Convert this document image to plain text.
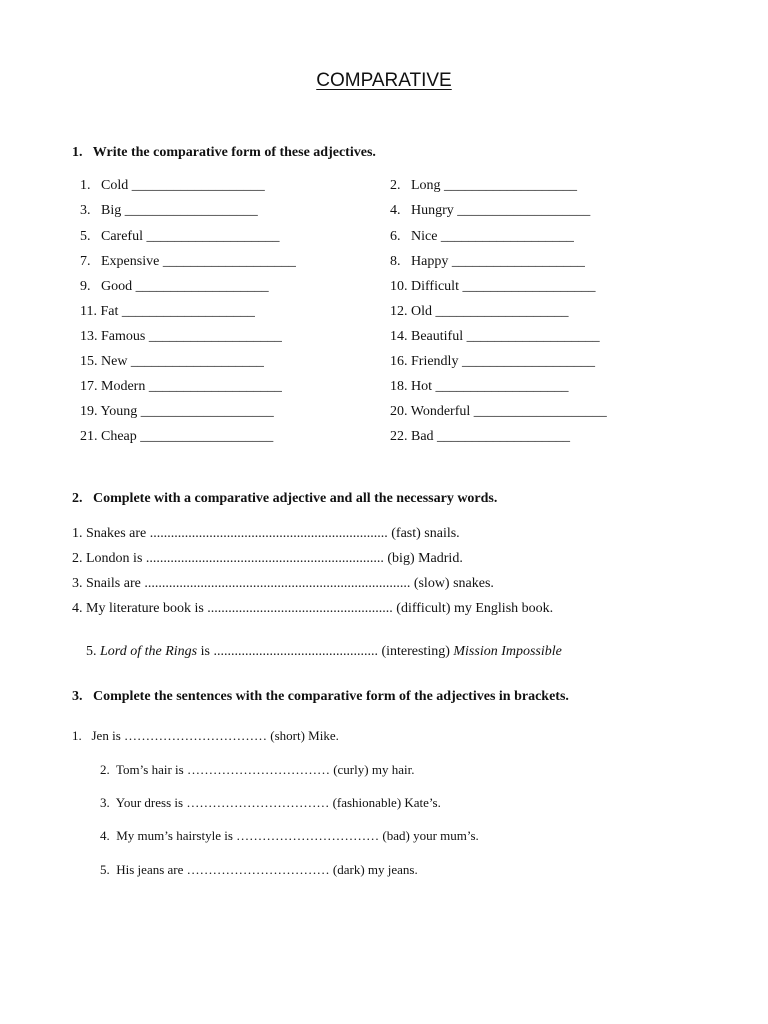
COMPARATIVE
1.   Write the comparative form of these adjectives.
1.   Cold ___________________
3.   Big ___________________
5.   Careful ___________________
7.   Expensive ___________________
9.   Good ___________________
11. Fat ___________________
13. Famous ___________________
15. New ___________________
17. Modern ___________________
19. Young ___________________
21. Cheap ___________________
2.   Long ___________________
4.   Hungry ___________________
6.   Nice ___________________
8.   Happy ___________________
10. Difficult ___________________
12. Old ___________________
14. Beautiful ___________________
16. Friendly ___________________
18. Hot ___________________
20. Wonderful ___________________
22. Bad ___________________
2.   Complete with a comparative adjective and all the necessary words.
1. Snakes are .................................................................... (fast) snails.
2. London is .................................................................... (big) Madrid.
3. Snails are ............................................................................ (slow) snakes.
4. My literature book is ..................................................... (difficult) my English book.

5. Lord of the Rings is ............................................... (interesting) Mission Impossible

3.   Complete the sentences with the comparative form of the adjectives in brackets.
1.   Jen is …………………………… (short) Mike.
2.  Tom’s hair is …………………………… (curly) my hair.
3.  Your dress is …………………………… (fashionable) Kate’s.
4.  My mum’s hairstyle is …………………………… (bad) your mum’s.
5.  His jeans are …………………………… (dark) my jeans.
